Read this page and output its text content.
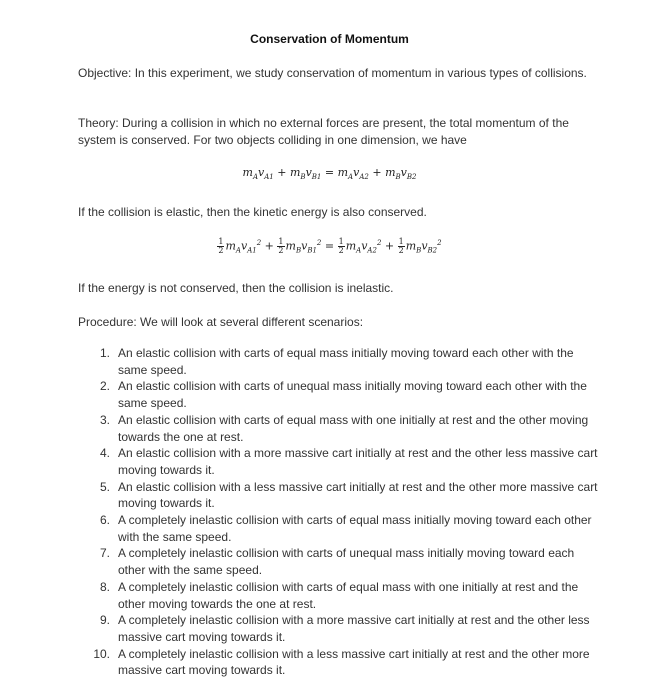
Conservation of Momentum
Objective: In this experiment, we study conservation of momentum in various types of collisions.
Theory: During a collision in which no external forces are present, the total momentum of the system is conserved. For two objects colliding in one dimension, we have
$m_Av_{A1} + m_Bv_{B1} = m_Av_{A2} + m_Bv_{B2}$
If the collision is elastic, then the kinetic energy is also conserved.
$\frac{1}{2} m_Av_{A1}^2 + \frac{1}{2} m_Bv_{B1}^2 = \frac{1}{2} m_Av_{A2}^2 + \frac{1}{2} m_Bv_{B2}^2$
If the energy is not conserved, then the collision is inelastic.
Procedure: We will look at several different scenarios:
1. An elastic collision with carts of equal mass initially moving toward each other with the same speed.
2. An elastic collision with carts of unequal mass initially moving toward each other with the same speed.
3. An elastic collision with carts of equal mass with one initially at rest and the other moving towards the one at rest.
4. An elastic collision with a more massive cart initially at rest and the other less massive cart moving towards it.
5. An elastic collision with a less massive cart initially at rest and the other more massive cart moving towards it.
6. A completely inelastic collision with carts of equal mass initially moving toward each other with the same speed.
7. A completely inelastic collision with carts of unequal mass initially moving toward each other with the same speed.
8. A completely inelastic collision with carts of equal mass with one initially at rest and the other moving towards the one at rest.
9. A completely inelastic collision with a more massive cart initially at rest and the other less massive cart moving towards it.
10. A completely inelastic collision with a less massive cart initially at rest and the other more massive cart moving towards it.
